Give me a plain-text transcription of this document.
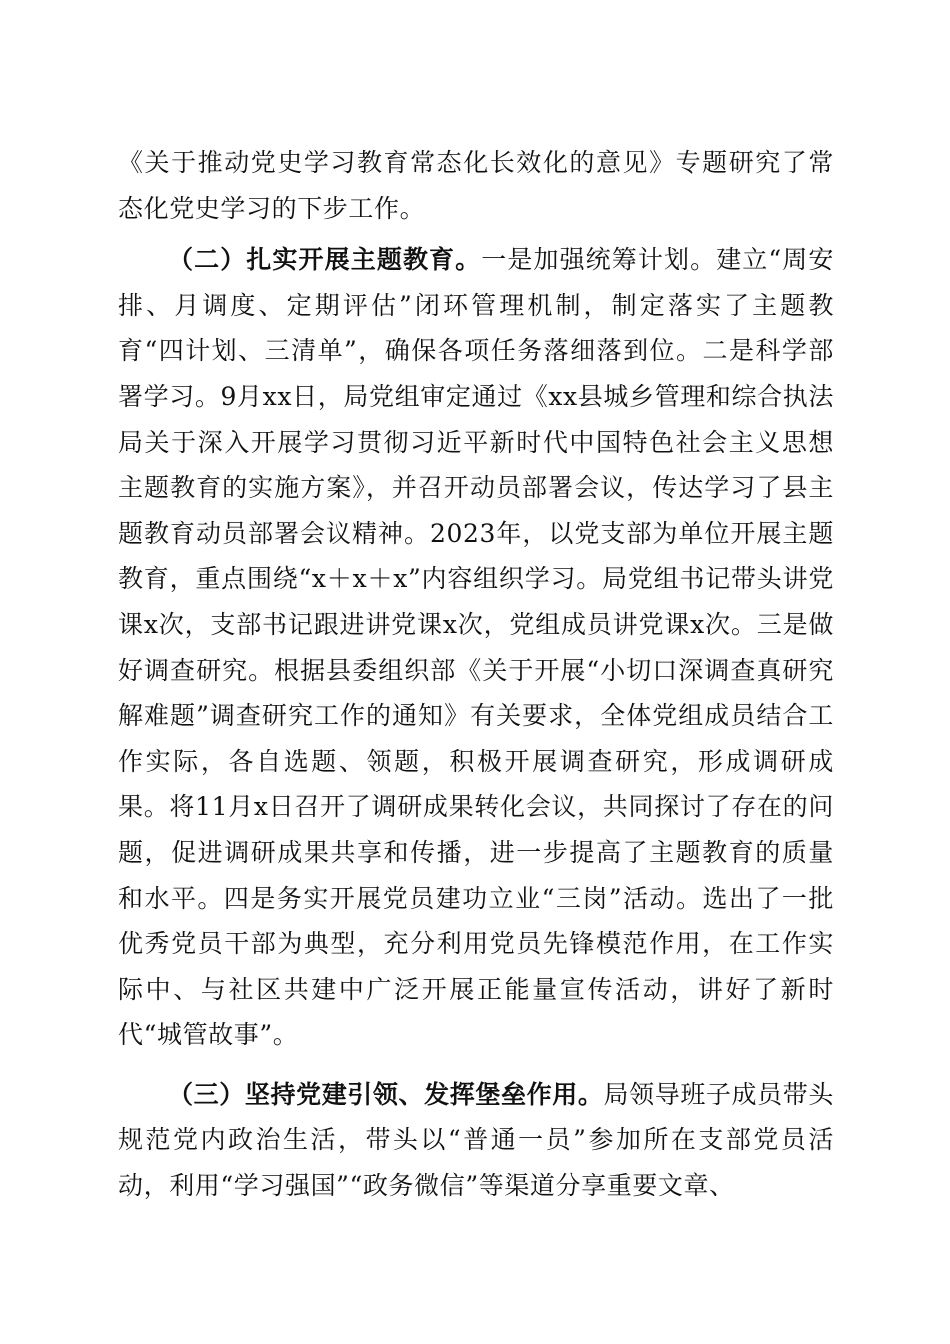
《关于推动党史学习教育常态化长效化的意见》专题研究了常态化党史学习的下步工作。

（二）扎实开展主题教育。一是加强统筹计划。建立“周安排、月调度、定期评估”闭环管理机制，制定落实了主题教育“四计划、三清单”，确保各项任务落细落到位。二是科学部署学习。9月xx日，局党组审定通过《xx县城乡管理和综合执法局关于深入开展学习贯彻习近平新时代中国特色社会主义思想主题教育的实施方案》，并召开动员部署会议，传达学习了县主题教育动员部署会议精神。2023年，以党支部为单位开展主题教育，重点围绕“x＋x＋x”内容组织学习。局党组书记带头讲党课x次，支部书记跟进讲党课x次，党组成员讲党课x次。三是做好调查研究。根据县委组织部《关于开展“小切口深调查真研究解难题”调查研究工作的通知》有关要求，全体党组成员结合工作实际，各自选题、领题，积极开展调查研究，形成调研成果。将11月x日召开了调研成果转化会议，共同探讨了存在的问题，促进调研成果共享和传播，进一步提高了主题教育的质量和水平。四是务实开展党员建功立业“三岗”活动。选出了一批优秀党员干部为典型，充分利用党员先锋模范作用，在工作实际中、与社区共建中广泛开展正能量宣传活动，讲好了新时代“城管故事”。

（三）坚持党建引领、发挥堡垒作用。局领导班子成员带头规范党内政治生活，带头以“普通一员”参加所在支部党员活动，利用“学习强国”“政务微信”等渠道分享重要文章、
